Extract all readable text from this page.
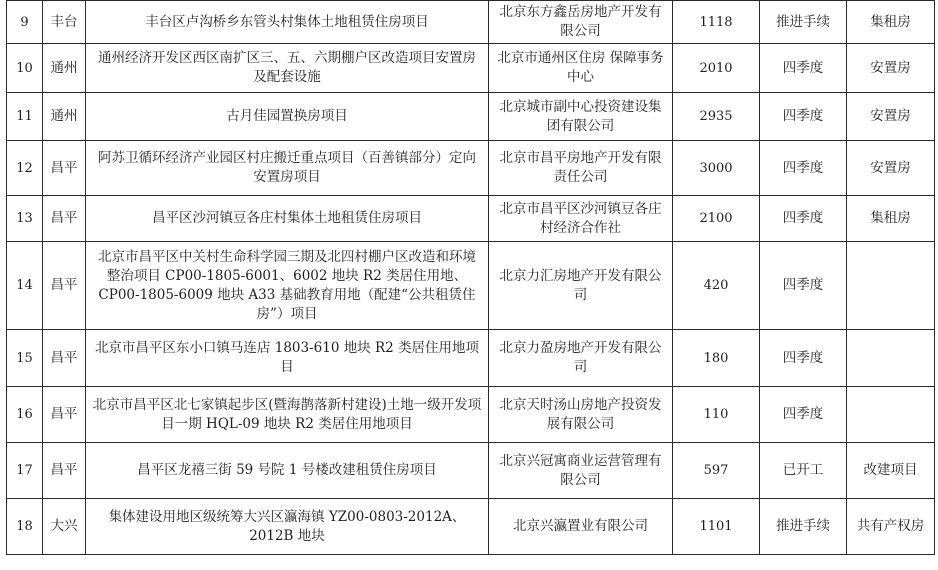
9	丰台	丰台区卢沟桥乡东管头村集体土地租赁住房项目	北京东方鑫岳房地产开发有限公司	1118	推进手续	集租房
10	通州	通州经济开发区西区南扩区三、五、六期棚户区改造项目安置房及配套设施	北京市通州区住房 保障事务中心	2010	四季度	安置房
11	通州	古月佳园置换房项目	北京城市副中心投资建设集团有限公司	2935	四季度	安置房
12	昌平	阿苏卫循环经济产业园区村庄搬迁重点项目（百善镇部分）定向安置房项目	北京市昌平房地产开发有限责任公司	3000	四季度	安置房
13	昌平	昌平区沙河镇豆各庄村集体土地租赁住房项目	北京市昌平区沙河镇豆各庄村经济合作社	2100	四季度	集租房
14	昌平	北京市昌平区中关村生命科学园三期及北四村棚户区改造和环境整治项目 CP00-1805-6001、6002 地块 R2 类居住用地、CP00-1805-6009 地块 A33 基础教育用地（配建“公共租赁住房”）项目	北京力汇房地产开发有限公司	420	四季度	
15	昌平	北京市昌平区东小口镇马连店 1803-610 地块 R2 类居住用地项目	北京力盈房地产开发有限公司	180	四季度	
16	昌平	北京市昌平区北七家镇起步区(暨海鹊落新村建设)土地一级开发项目一期 HQL-09 地块 R2 类居住用地项目	北京天时汤山房地产投资发展有限公司	110	四季度	
17	昌平	昌平区龙禧三街 59 号院 1 号楼改建租赁住房项目	北京兴冠寓商业运营管理有限公司	597	已开工	改建项目
18	大兴	集体建设用地区级统筹大兴区瀛海镇 YZ00-0803-2012A、2012B 地块	北京兴瀛置业有限公司	1101	推进手续	共有产权房
